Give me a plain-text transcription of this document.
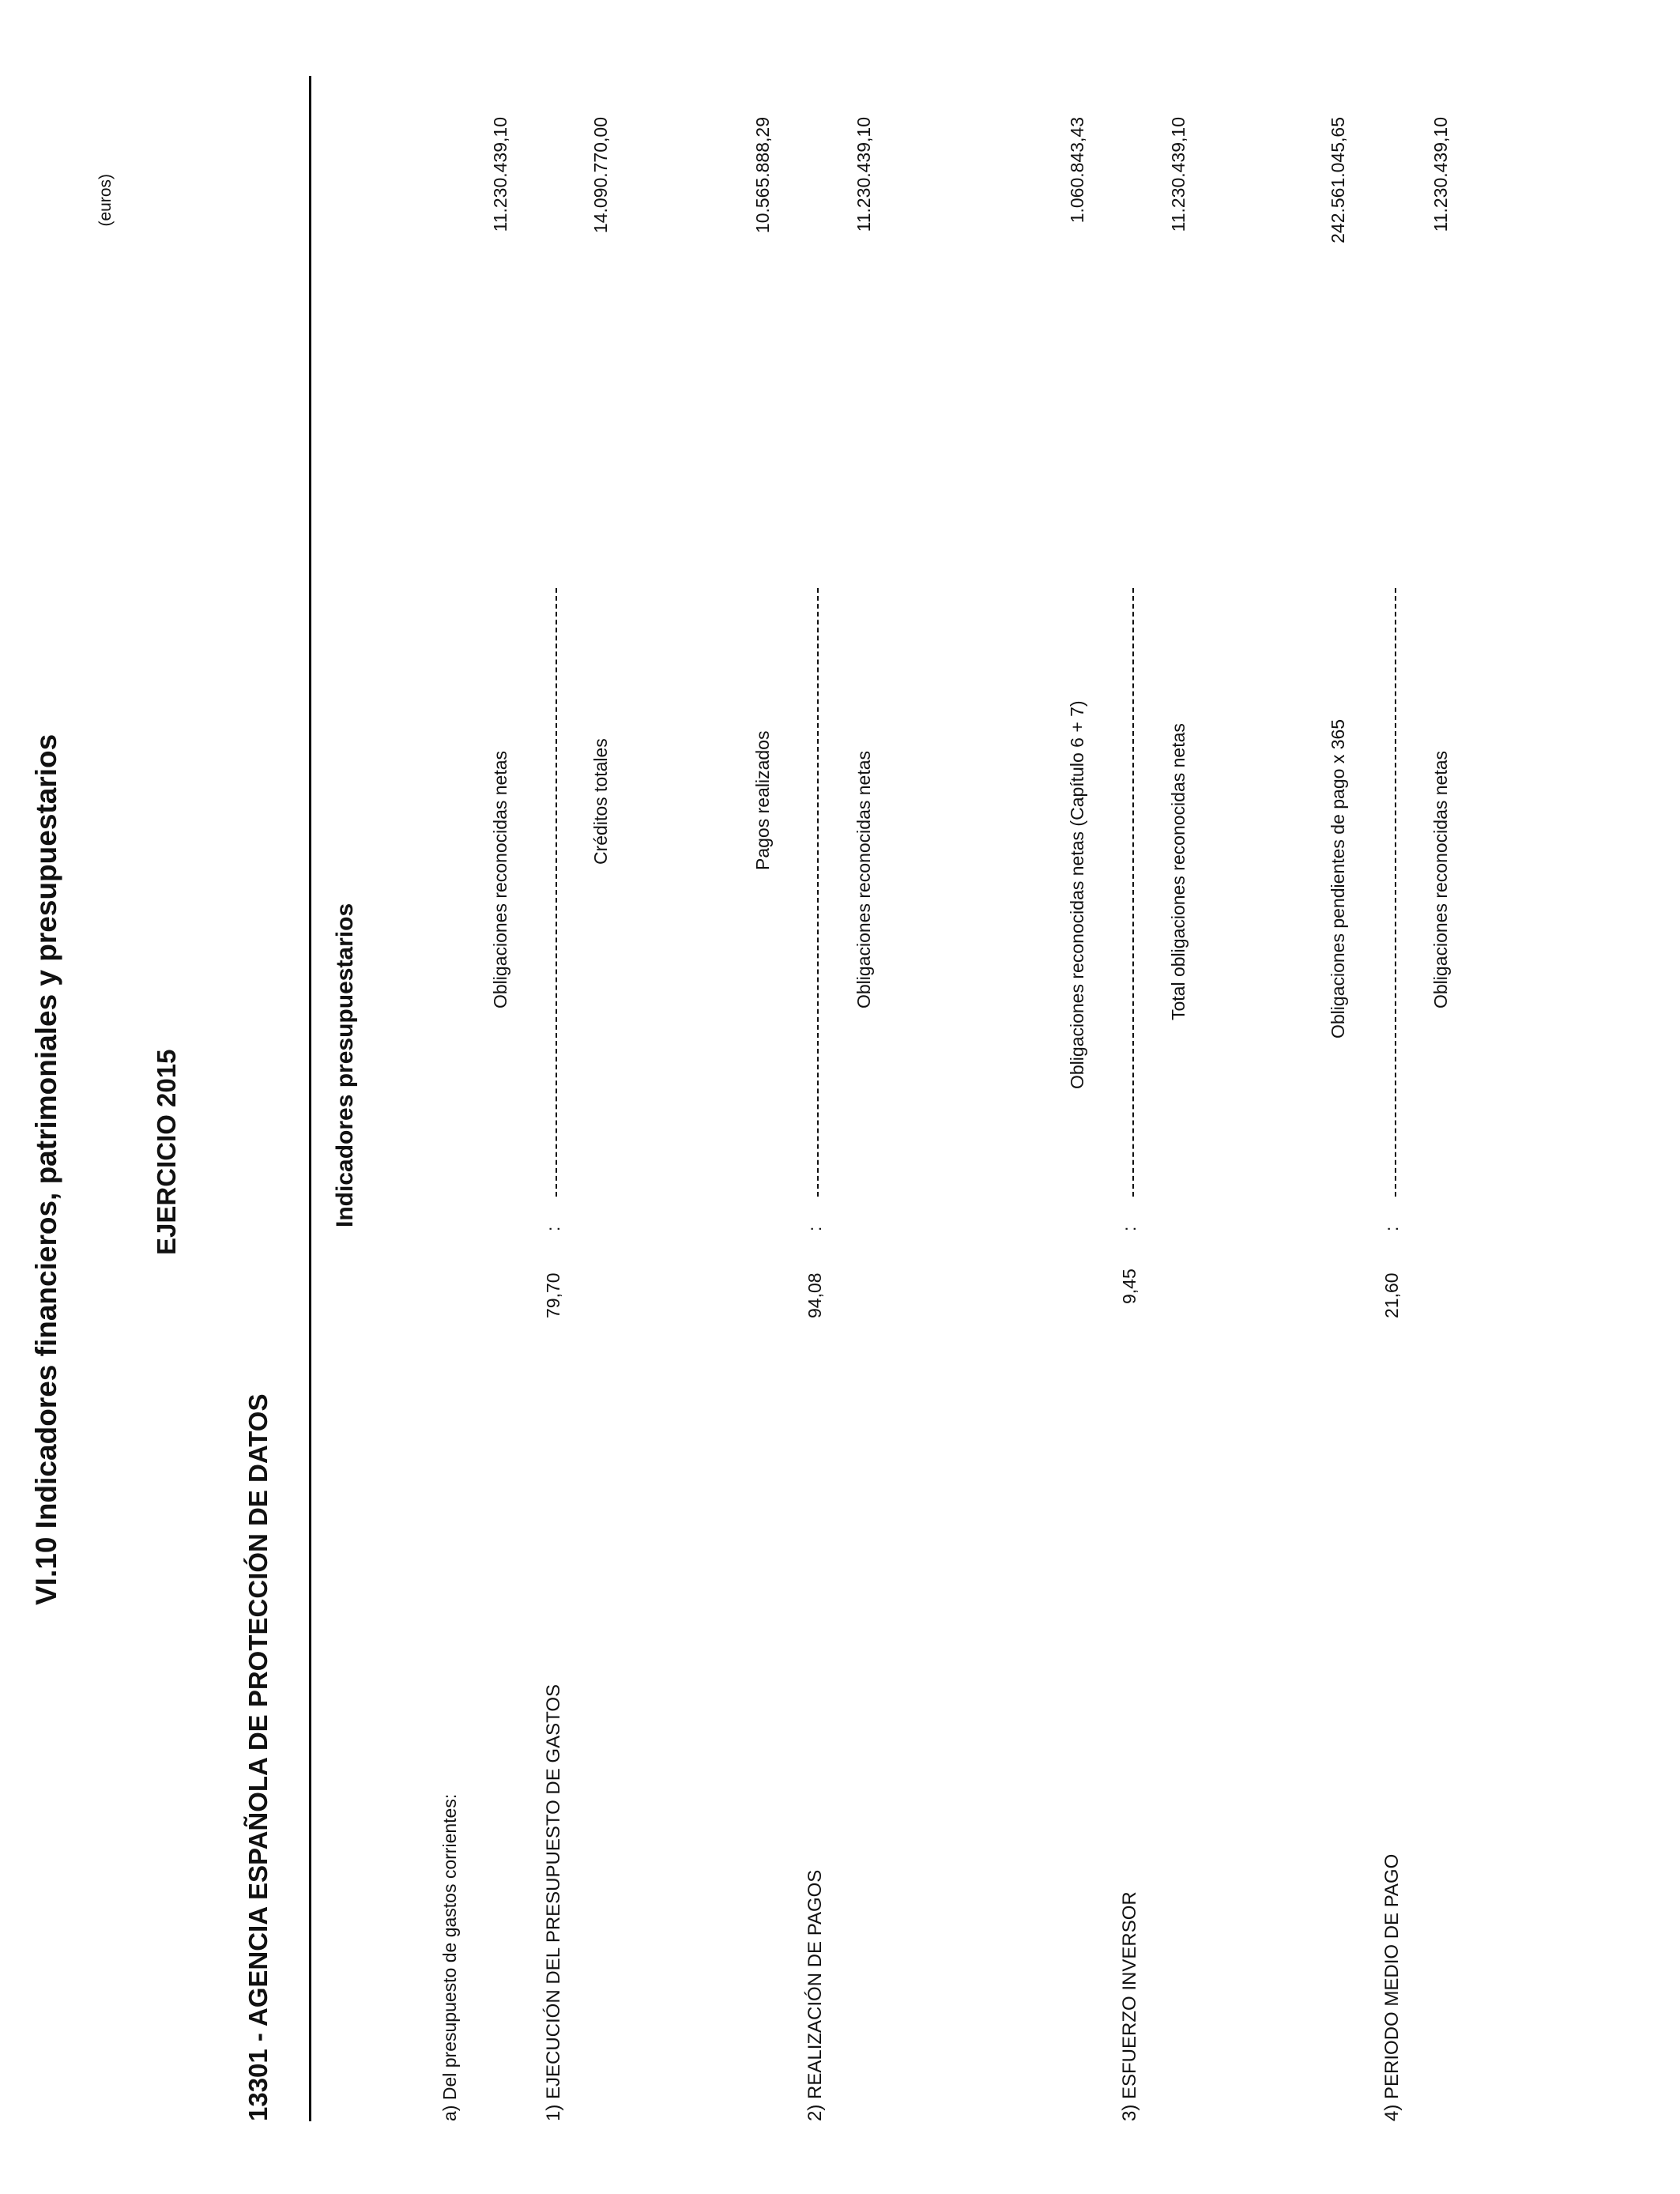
VI.10 Indicadores financieros, patrimoniales y presupuestarios	EJERCICIO 2015
13301 - AGENCIA ESPAÑOLA DE PROTECCIÓN DE DATOS
(euros)
Indicadores presupuestarios
a) Del presupuesto de gastos corrientes:	1) EJECUCIÓN DEL PRESUPUESTO DE GASTOS
79,70
:
Obligaciones reconocidas netas	Créditos totales
11.230.439,10	14.090.770,00
2) REALIZACIÓN DE PAGOS
94,08
:
Pagos realizados	Obligaciones reconocidas netas
10.565.888,29	11.230.439,10
3) ESFUERZO INVERSOR
9,45
:
Obligaciones reconocidas netas (Capítulo 6 + 7)	Total obligaciones reconocidas netas
1.060.843,43	11.230.439,10
4) PERIODO MEDIO DE PAGO
21,60
:
Obligaciones pendientes de pago x 365	Obligaciones reconocidas netas
242.561.045,65	11.230.439,10
